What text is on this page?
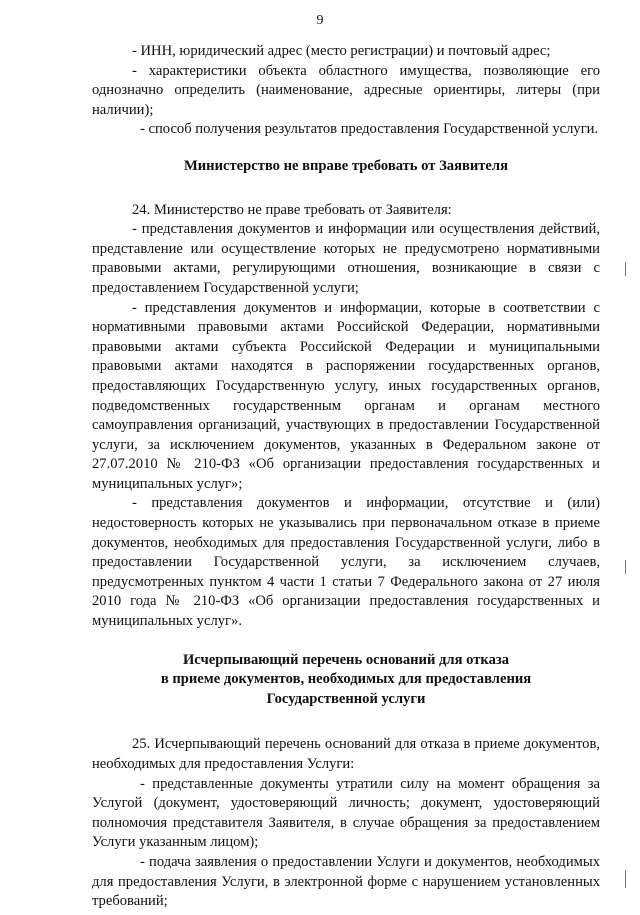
9

- ИНН, юридический адрес (место регистрации) и почтовый адрес;

- характеристики объекта областного имущества, позволяющие его однозначно определить (наименование, адресные ориентиры, литеры (при наличии);

- способ получения результатов предоставления Государственной услуги.

Министерство не вправе требовать от Заявителя

24. Министерство не праве требовать от Заявителя:

- представления документов и информации или осуществления действий, представление или осуществление которых не предусмотрено нормативными правовыми актами, регулирующими отношения, возникающие в связи с предоставлением Государственной услуги;

- представления документов и информации, которые в соответствии с нормативными правовыми актами Российской Федерации, нормативными правовыми актами субъекта Российской Федерации и муниципальными правовыми актами находятся в распоряжении государственных органов, предоставляющих Государственную услугу, иных государственных органов, подведомственных государственным органам и органам местного самоуправления организаций, участвующих в предоставлении Государственной услуги, за исключением документов, указанных в Федеральном законе от 27.07.2010 № 210-ФЗ «Об организации предоставления государственных и муниципальных услуг»;

- представления документов и информации, отсутствие и (или) недостоверность которых не указывались при первоначальном отказе в приеме документов, необходимых для предоставления Государственной услуги, либо в предоставлении Государственной услуги, за исключением случаев, предусмотренных пунктом 4 части 1 статьи 7 Федерального закона от 27 июля 2010 года № 210-ФЗ «Об организации предоставления государственных и муниципальных услуг».

Исчерпывающий перечень оснований для отказа
в приеме документов, необходимых для предоставления
Государственной услуги

25. Исчерпывающий перечень оснований для отказа в приеме документов, необходимых для предоставления Услуги:

- представленные документы утратили силу на момент обращения за Услугой (документ, удостоверяющий личность; документ, удостоверяющий полномочия представителя Заявителя, в случае обращения за предоставлением Услуги указанным лицом);

- подача заявления о предоставлении Услуги и документов, необходимых для предоставления Услуги, в электронной форме с нарушением установленных требований;
